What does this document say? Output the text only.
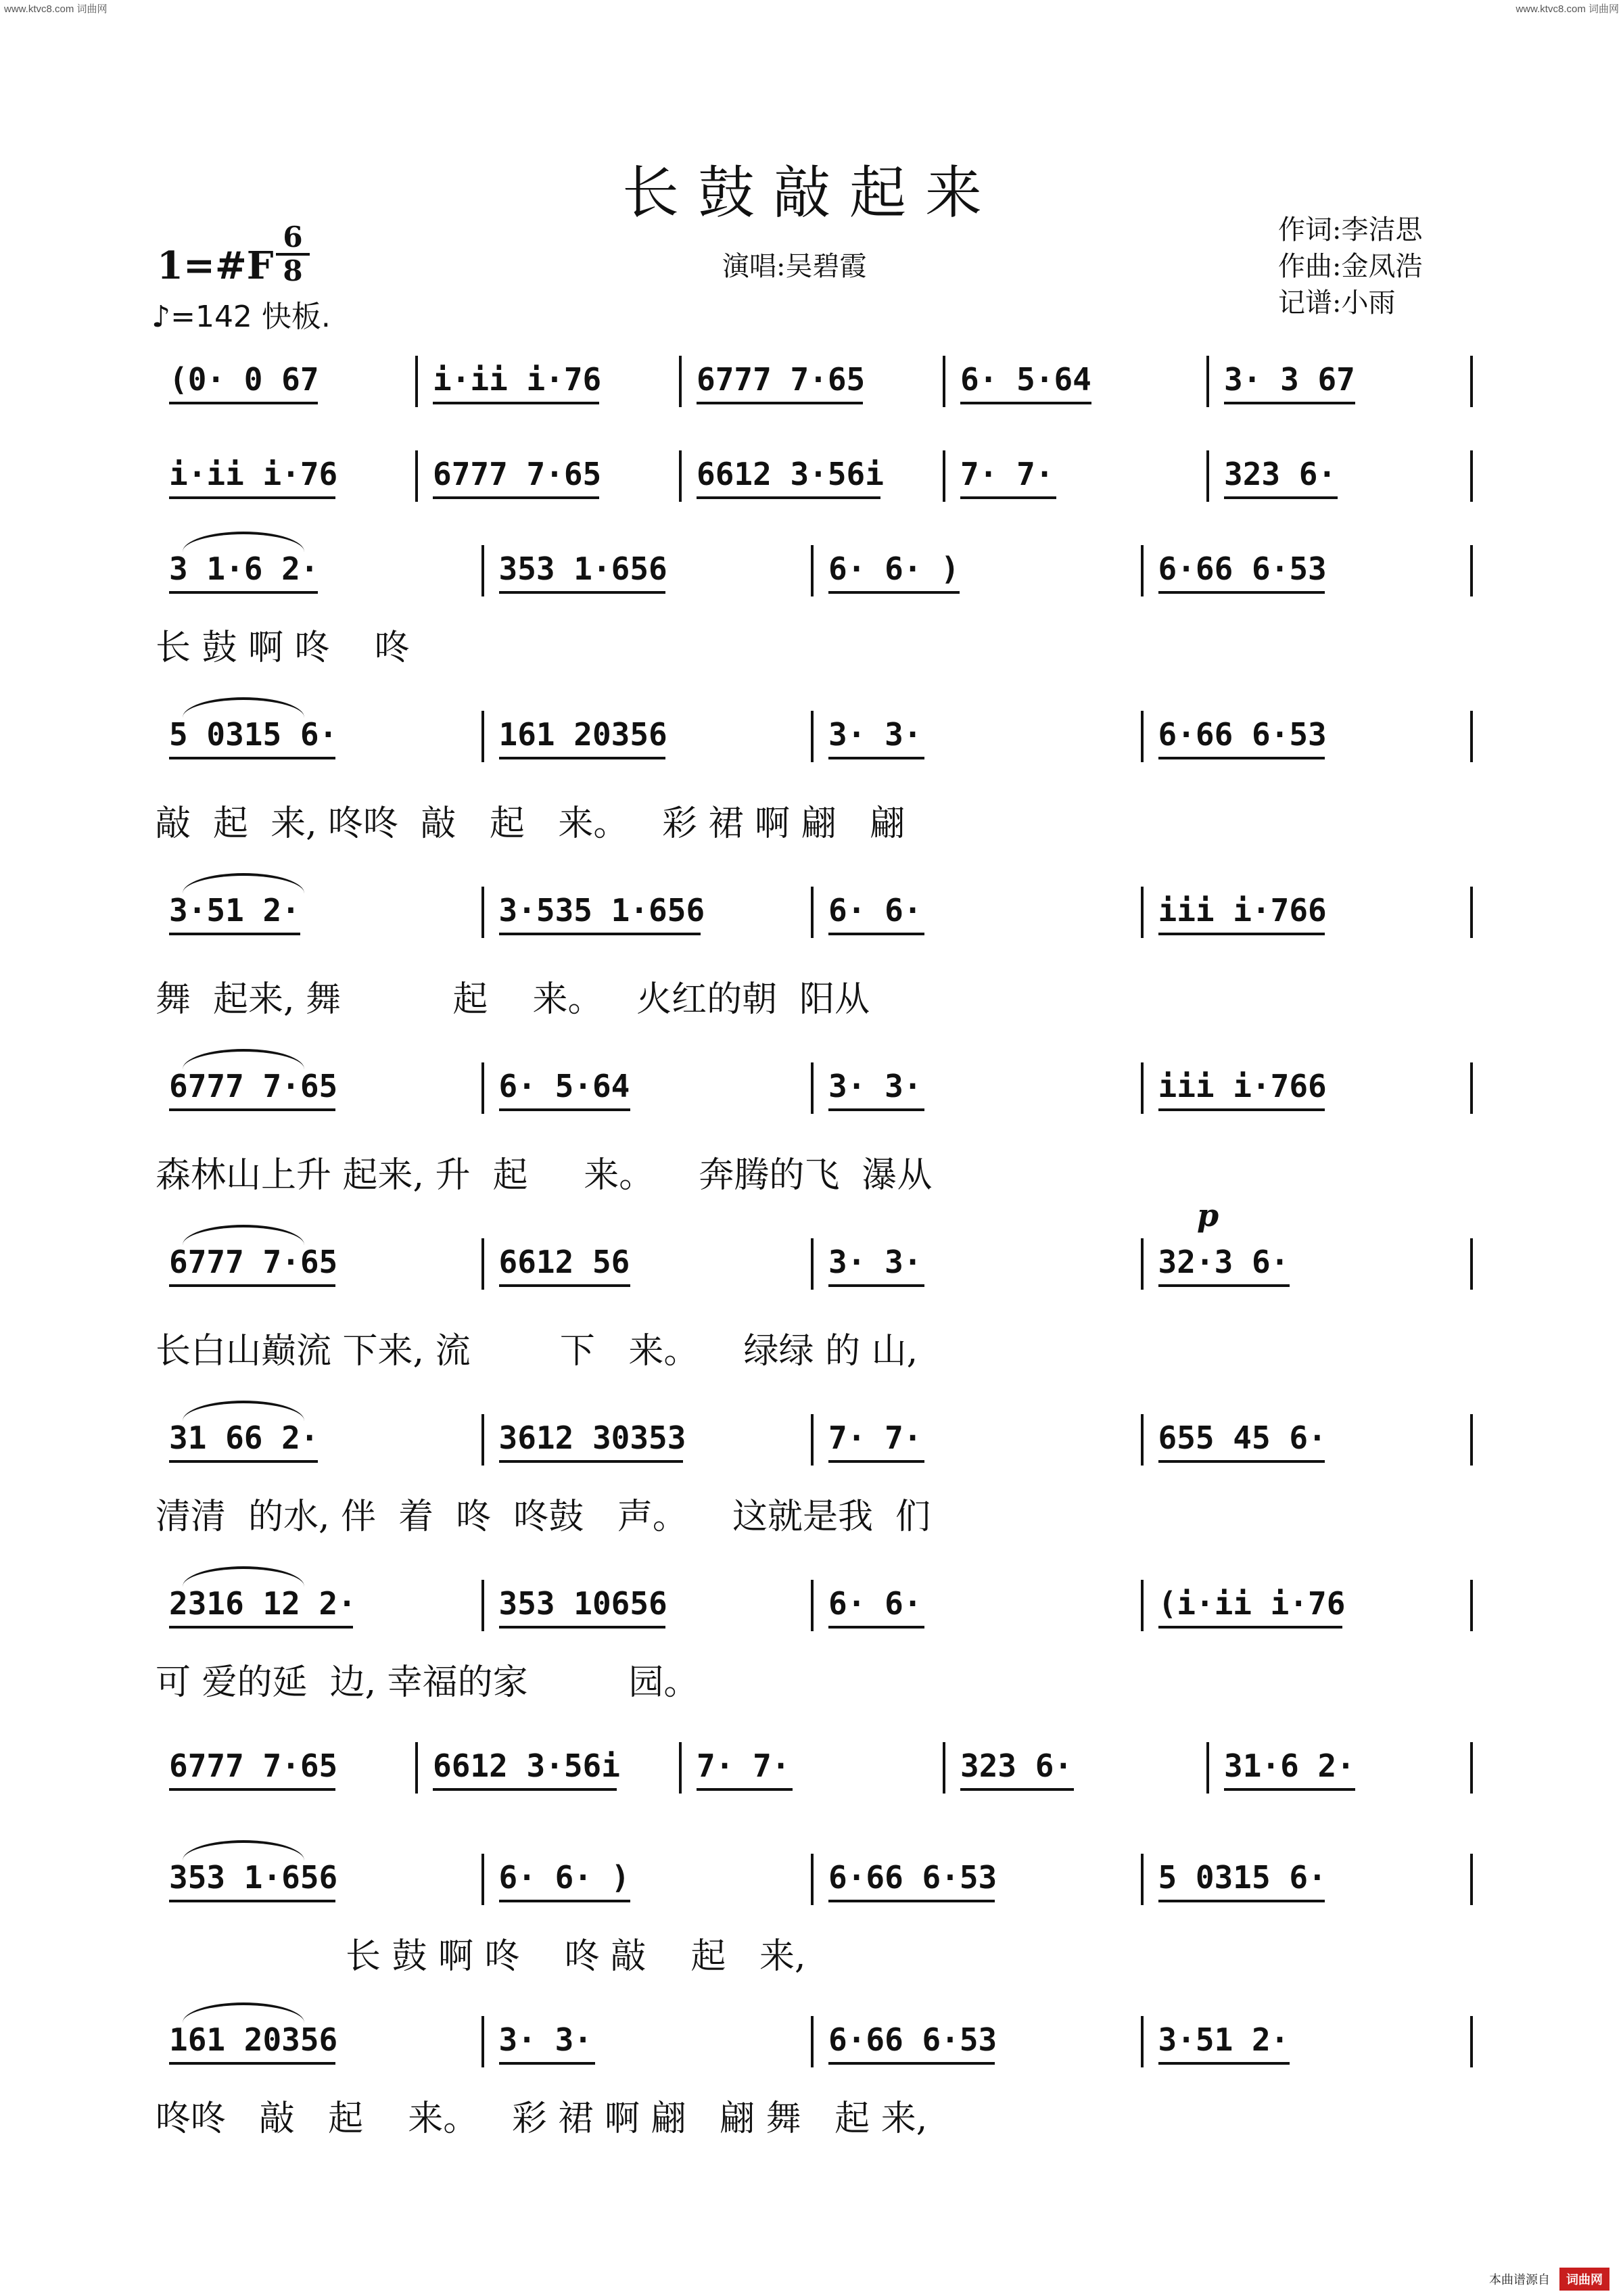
www.ktvc8.com 词曲网	www.ktvc8.com 词曲网
长鼓敲起来
作词:李洁思
作曲:金凤浩
记谱:小雨
演唱:吴碧霞
1=#F
6
8
♪=142 快板.
(0· 0 67	i·ii i·76	6777 7·65	6· 5·64	3· 3 67
i·ii i·76	6777 7·65	6612 3·56i 7· 7·	323 6·
3 1·6 2·	353 1·656	6· 6· )	6·66 6·53
长 鼓 啊 咚    咚
5 0315 6·	161 20356	3· 3·	6·66 6·53
敲  起  来, 咚咚  敲   起   来。   彩 裙 啊 翩   翩
3·51 2·	3·535 1·656	6· 6·	iii i·766
舞  起来, 舞          起    来。   火红的朝  阳从
6777 7·65	6· 5·64	3· 3·	iii i·766
森林山上升 起来, 升  起     来。    奔腾的飞  瀑从
6777 7·65	6612 56	3· 3·	32·3 6·
长白山巅流 下来, 流        下   来。    绿绿 的 山,
31 66 2·	3612 30353	7· 7·	655 45 6·
清清  的水, 伴  着  咚  咚鼓   声。    这就是我  们
2316 12 2·	353 10656	6· 6·	(i·ii i·76
可 爱的延  边, 幸福的家         园。
6777 7·65	6612 3·56i 7· 7·	323 6·	31·6 2·
353 1·656	6· 6· )	6·66 6·53	5 0315 6·
长 鼓 啊 咚    咚 敲    起   来,
161 20356	3· 3·	6·66 6·53	3·51 2·
咚咚   敲   起    来。   彩 裙 啊 翩   翩 舞   起 来,
p
本曲谱源自	词曲网
